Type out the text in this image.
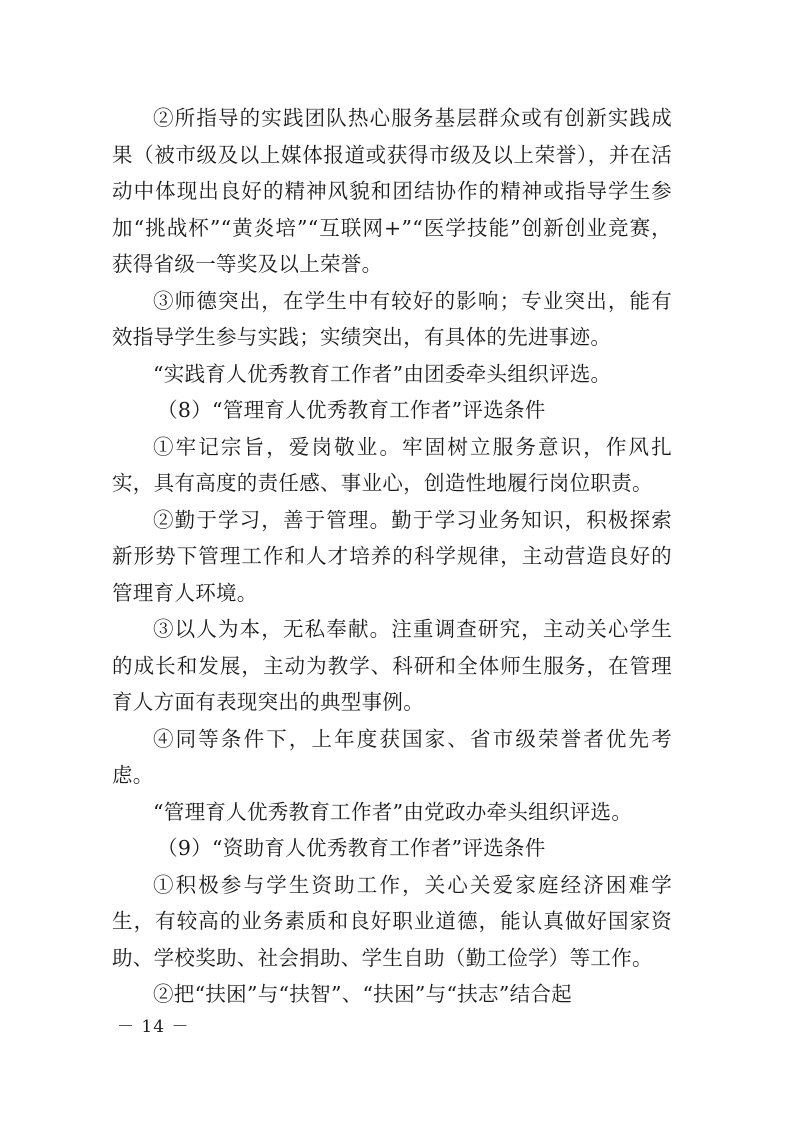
②所指导的实践团队热心服务基层群众或有创新实践成果（被市级及以上媒体报道或获得市级及以上荣誉），并在活动中体现出良好的精神风貌和团结协作的精神或指导学生参加“挑战杯”“黄炎培”“互联网+”“医学技能”创新创业竞赛，获得省级一等奖及以上荣誉。

③师德突出，在学生中有较好的影响；专业突出，能有效指导学生参与实践；实绩突出，有具体的先进事迹。

“实践育人优秀教育工作者”由团委牵头组织评选。

（8）“管理育人优秀教育工作者”评选条件

①牢记宗旨，爱岗敬业。牢固树立服务意识，作风扎实，具有高度的责任感、事业心，创造性地履行岗位职责。

②勤于学习，善于管理。勤于学习业务知识，积极探索新形势下管理工作和人才培养的科学规律，主动营造良好的管理育人环境。

③以人为本，无私奉献。注重调查研究，主动关心学生的成长和发展，主动为教学、科研和全体师生服务，在管理育人方面有表现突出的典型事例。

④同等条件下，上年度获国家、省市级荣誉者优先考虑。

“管理育人优秀教育工作者”由党政办牵头组织评选。

（9）“资助育人优秀教育工作者”评选条件

①积极参与学生资助工作，关心关爱家庭经济困难学生，有较高的业务素质和良好职业道德，能认真做好国家资助、学校奖助、社会捐助、学生自助（勤工俭学）等工作。

②把“扶困”与“扶智”、“扶困”与“扶志”结合起

－ 14 －
